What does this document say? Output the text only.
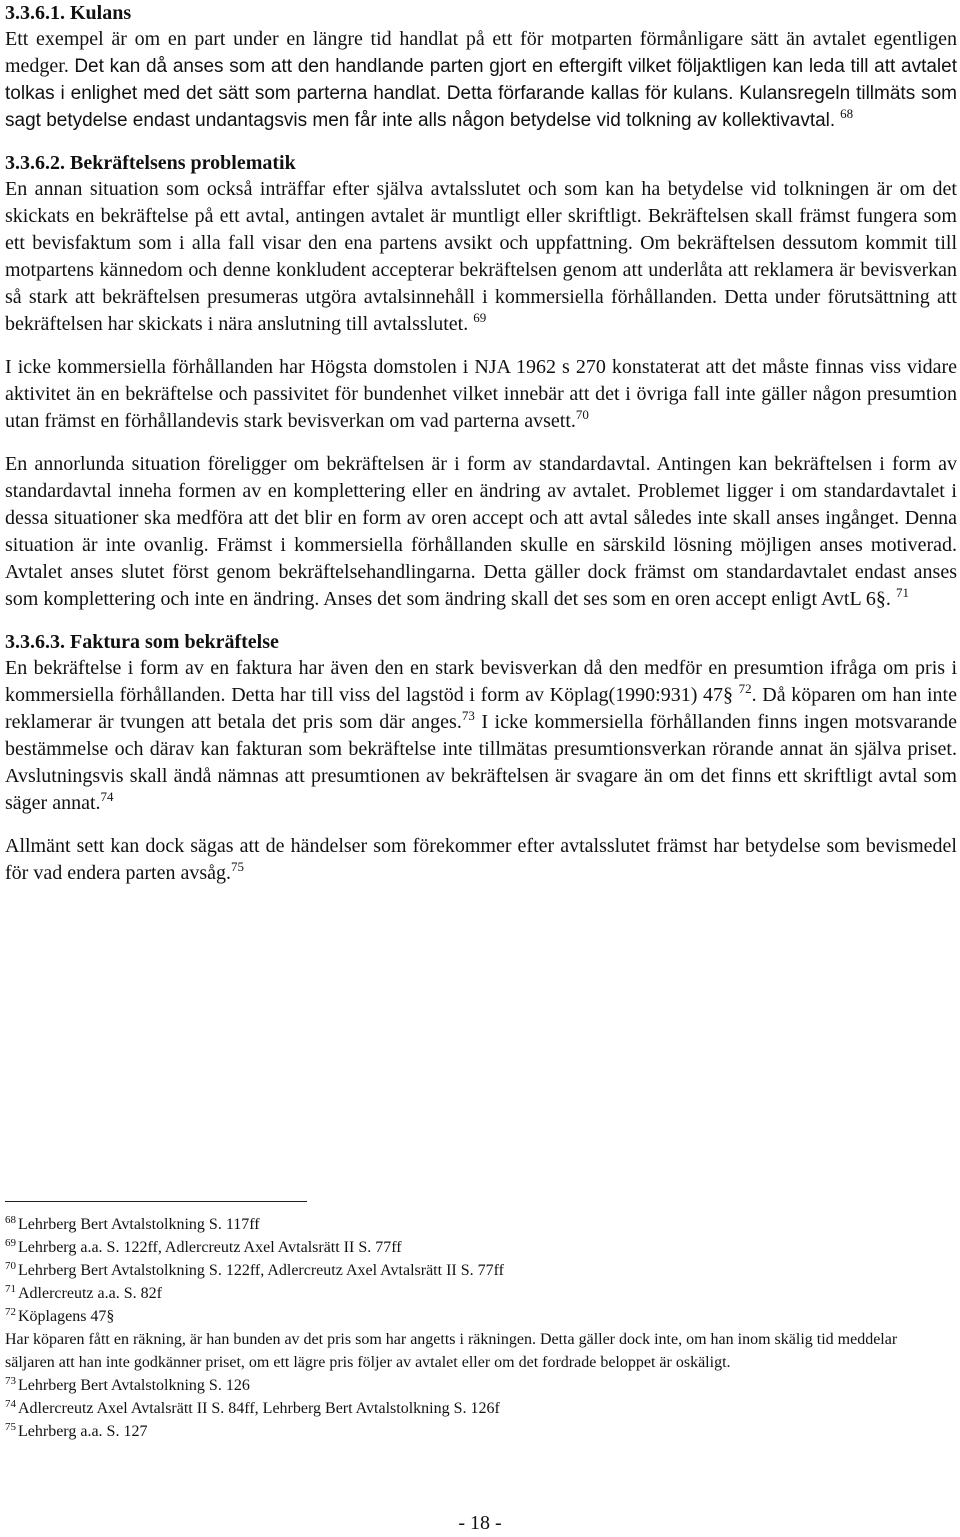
3.3.6.1. Kulans

Ett exempel är om en part under en längre tid handlat på ett för motparten förmånligare sätt än avtalet egentligen medger. Det kan då anses som att den handlande parten gjort en eftergift vilket följaktligen kan leda till att avtalet tolkas i enlighet med det sätt som parterna handlat. Detta förfarande kallas för kulans. Kulansregeln tillmäts som sagt betydelse endast undantagsvis men får inte alls någon betydelse vid tolkning av kollektivavtal. $^{68}$

3.3.6.2. Bekräftelsens problematik

En annan situation som också inträffar efter själva avtalsslutet och som kan ha betydelse vid tolkningen är om det skickats en bekräftelse på ett avtal, antingen avtalet är muntligt eller skriftligt. Bekräftelsen skall främst fungera som ett bevisfaktum som i alla fall visar den ena partens avsikt och uppfattning. Om bekräftelsen dessutom kommit till motpartens kännedom och denne konkludent accepterar bekräftelsen genom att underlåta att reklamera är bevisverkan så stark att bekräftelsen presumeras utgöra avtalsinnehåll i kommersiella förhållanden. Detta under förutsättning att bekräftelsen har skickats i nära anslutning till avtalsslutet. $^{69}$

I icke kommersiella förhållanden har Högsta domstolen i NJA 1962 s 270 konstaterat att det måste finnas viss vidare aktivitet än en bekräftelse och passivitet för bundenhet vilket innebär att det i övriga fall inte gäller någon presumtion utan främst en förhållandevis stark bevisverkan om vad parterna avsett.$^{70}$

En annorlunda situation föreligger om bekräftelsen är i form av standardavtal. Antingen kan bekräftelsen i form av standardavtal inneha formen av en komplettering eller en ändring av avtalet. Problemet ligger i om standardavtalet i dessa situationer ska medföra att det blir en form av oren accept och att avtal således inte skall anses ingånget. Denna situation är inte ovanlig. Främst i kommersiella förhållanden skulle en särskild lösning möjligen anses motiverad. Avtalet anses slutet först genom bekräftelsehandlingarna. Detta gäller dock främst om standardavtalet endast anses som komplettering och inte en ändring. Anses det som ändring skall det ses som en oren accept enligt AvtL 6§. $^{71}$

3.3.6.3. Faktura som bekräftelse

En bekräftelse i form av en faktura har även den en stark bevisverkan då den medför en presumtion ifråga om pris i kommersiella förhållanden. Detta har till viss del lagstöd i form av Köplag(1990:931) 47§ $^{72}$. Då köparen om han inte reklamerar är tvungen att betala det pris som där anges.$^{73}$ I icke kommersiella förhållanden finns ingen motsvarande bestämmelse och därav kan fakturan som bekräftelse inte tillmätas presumtionsverkan rörande annat än själva priset. Avslutningsvis skall ändå nämnas att presumtionen av bekräftelsen är svagare än om det finns ett skriftligt avtal som säger annat.$^{74}$

Allmänt sett kan dock sägas att de händelser som förekommer efter avtalsslutet främst har betydelse som bevismedel för vad endera parten avsåg.$^{75}$

$^{68}$ Lehrberg Bert Avtalstolkning S. 117ff

$^{69}$ Lehrberg a.a. S. 122ff, Adlercreutz Axel Avtalsrätt II S. 77ff

$^{70}$ Lehrberg Bert Avtalstolkning S. 122ff, Adlercreutz Axel Avtalsrätt II S. 77ff

$^{71}$ Adlercreutz a.a. S. 82f

$^{72}$ Köplagens 47§

Har köparen fått en räkning, är han bunden av det pris som har angetts i räkningen. Detta gäller dock inte, om han inom skälig tid meddelar säljaren att han inte godkänner priset, om ett lägre pris följer av avtalet eller om det fordrade beloppet är oskäligt.

$^{73}$ Lehrberg Bert Avtalstolkning S. 126

$^{74}$ Adlercreutz Axel Avtalsrätt II S. 84ff, Lehrberg Bert Avtalstolkning S. 126f

$^{75}$ Lehrberg a.a. S. 127

- 18 -
